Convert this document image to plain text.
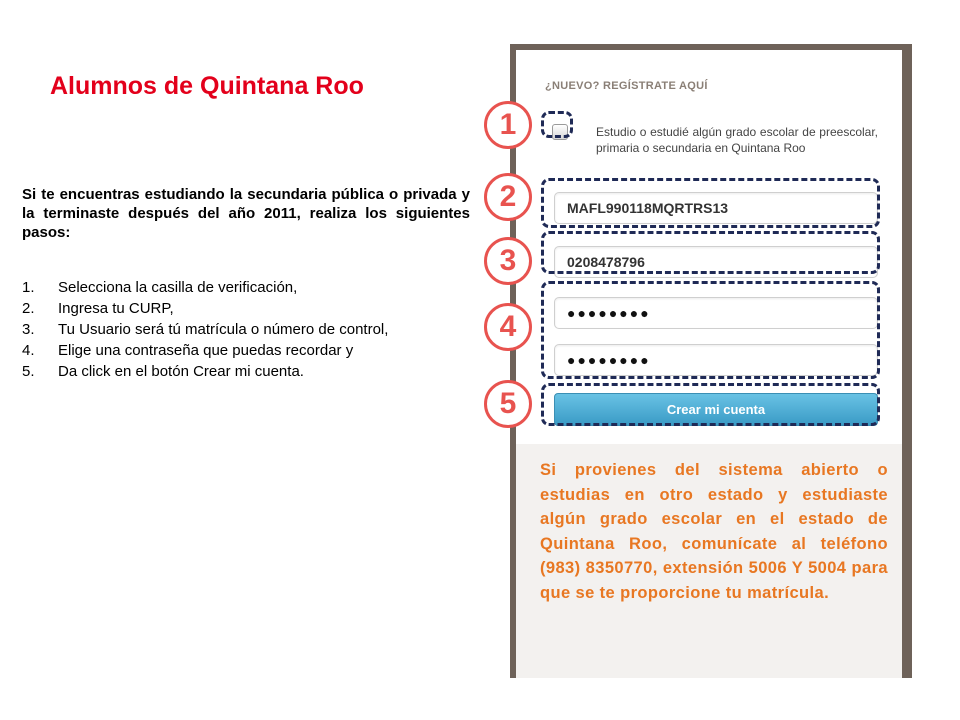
Alumnos de Quintana Roo
Si te encuentras estudiando la secundaria pública o privada y la terminaste después del año 2011, realiza los siguientes pasos:
1.	Selecciona la casilla de verificación,
2.	Ingresa tu CURP,
3.	Tu Usuario será tú matrícula o número de control,
4.	Elige una contraseña que puedas recordar y
5.	Da click en el botón Crear mi cuenta.
¿NUEVO? REGÍSTRATE AQUÍ
Estudio o estudié algún grado escolar de preescolar, primaria o secundaria en Quintana Roo
MAFL990118MQRTRS13
0208478796
●●●●●●●●
●●●●●●●●
Crear mi cuenta
Si provienes del sistema abierto o estudias en otro estado y estudiaste algún grado escolar en el estado de Quintana Roo, comunícate al teléfono (983) 8350770, extensión 5006 Y 5004 para que se te proporcione tu matrícula.
1
2
3
4
5
